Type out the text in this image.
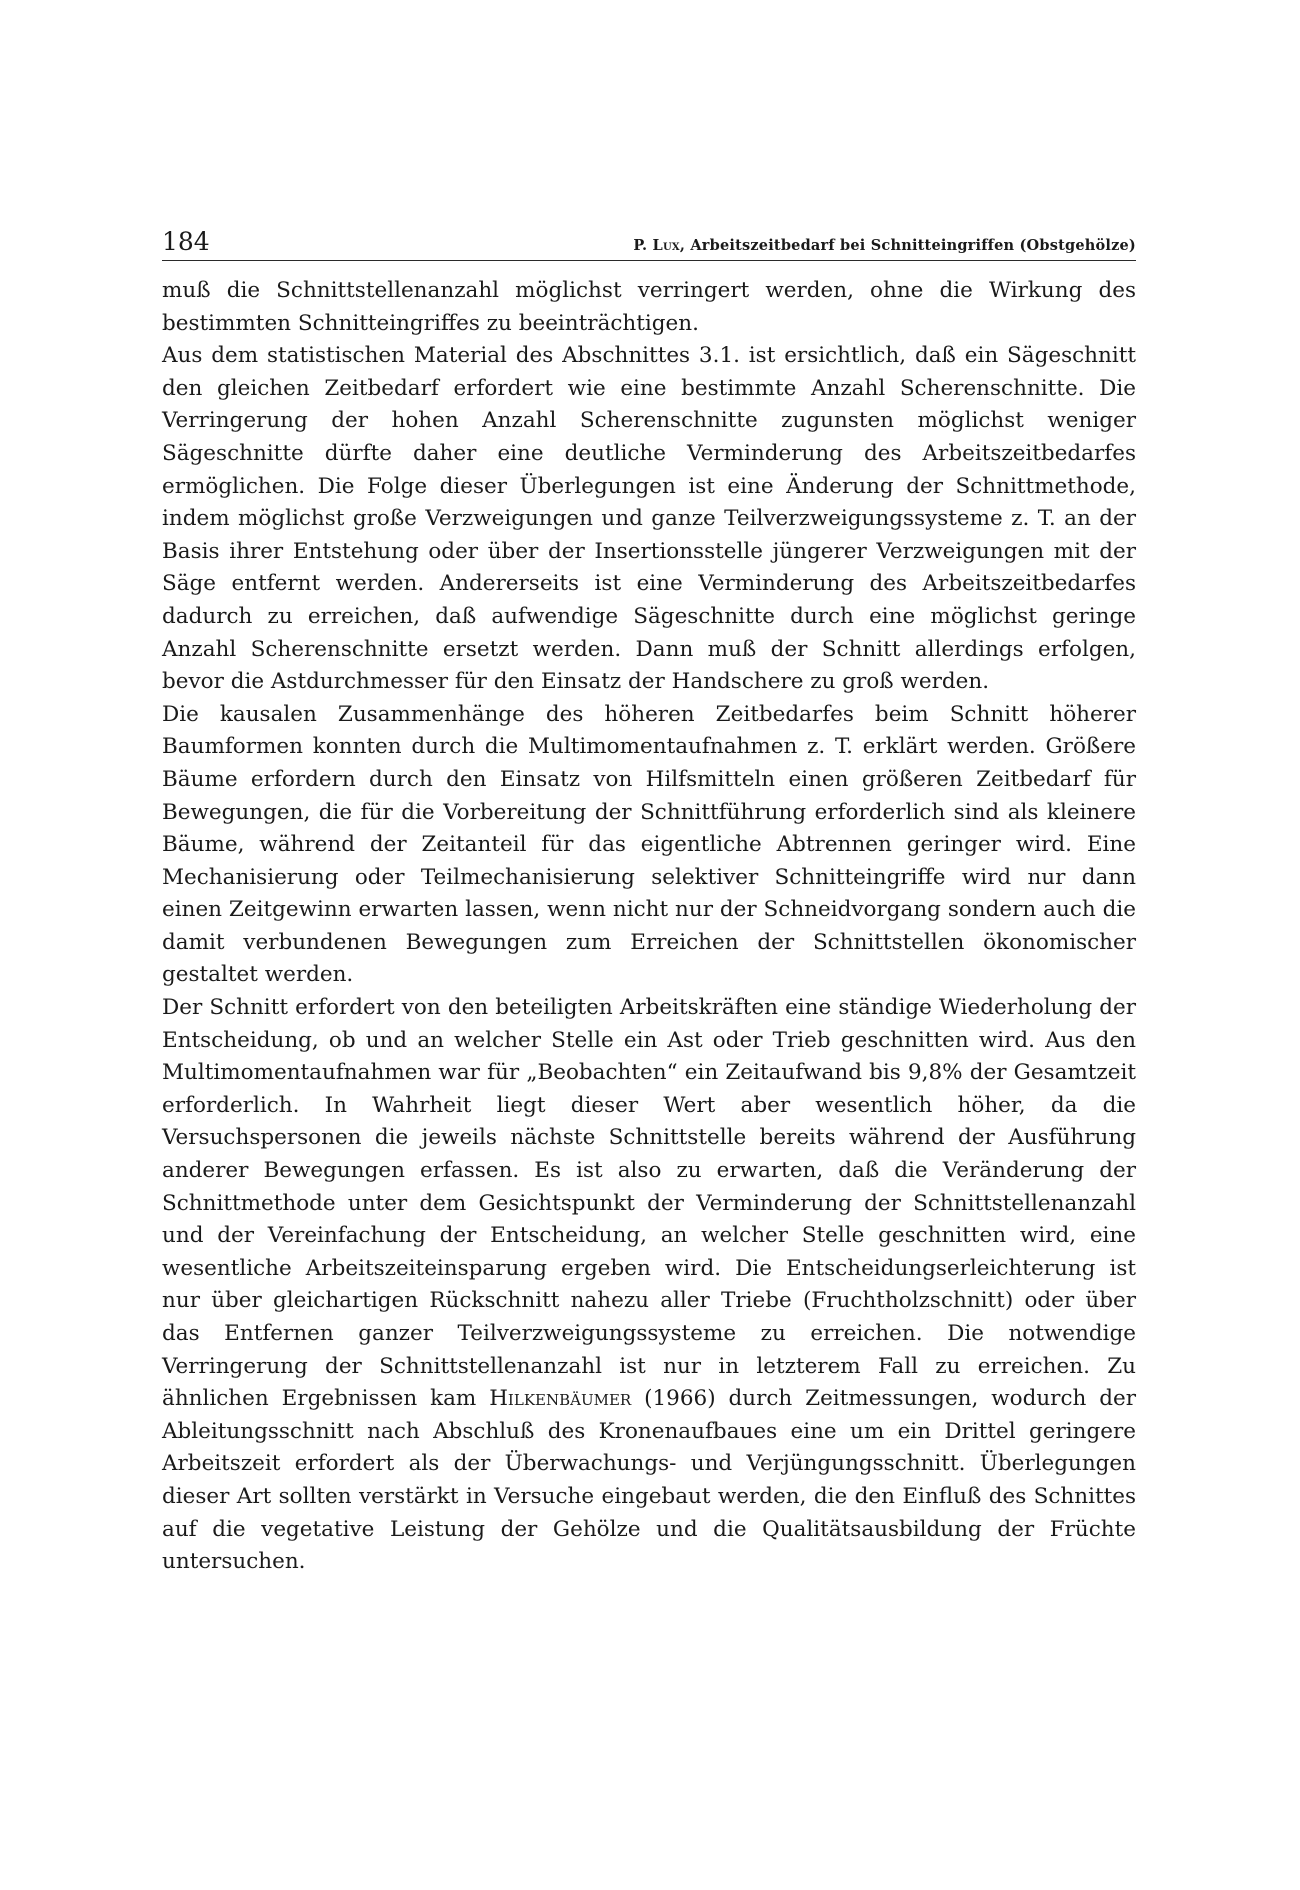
184	P. Lux, Arbeitszeitbedarf bei Schnitteingriffen (Obstgehölze)

muß die Schnittstellenanzahl möglichst verringert werden, ohne die Wirkung des bestimmten Schnitteingriffes zu beeinträchtigen.

Aus dem statistischen Material des Abschnittes 3.1. ist ersichtlich, daß ein Sägeschnitt den gleichen Zeitbedarf erfordert wie eine bestimmte Anzahl Scherenschnitte. Die Verringerung der hohen Anzahl Scherenschnitte zugunsten möglichst weniger Sägeschnitte dürfte daher eine deutliche Verminderung des Arbeitszeitbedarfes ermöglichen. Die Folge dieser Überlegungen ist eine Änderung der Schnittmethode, indem möglichst große Verzweigungen und ganze Teilverzweigungssysteme z. T. an der Basis ihrer Entstehung oder über der Insertionsstelle jüngerer Verzweigungen mit der Säge entfernt werden. Andererseits ist eine Verminderung des Arbeitszeitbedarfes dadurch zu erreichen, daß aufwendige Sägeschnitte durch eine möglichst geringe Anzahl Scherenschnitte ersetzt werden. Dann muß der Schnitt allerdings erfolgen, bevor die Astdurchmesser für den Einsatz der Handschere zu groß werden.

Die kausalen Zusammenhänge des höheren Zeitbedarfes beim Schnitt höherer Baumformen konnten durch die Multimomentaufnahmen z. T. erklärt werden. Größere Bäume erfordern durch den Einsatz von Hilfsmitteln einen größeren Zeitbedarf für Bewegungen, die für die Vorbereitung der Schnittführung erforderlich sind als kleinere Bäume, während der Zeitanteil für das eigentliche Abtrennen geringer wird. Eine Mechanisierung oder Teilmechanisierung selektiver Schnitteingriffe wird nur dann einen Zeitgewinn erwarten lassen, wenn nicht nur der Schneidvorgang sondern auch die damit verbundenen Bewegungen zum Erreichen der Schnittstellen ökonomischer gestaltet werden.

Der Schnitt erfordert von den beteiligten Arbeitskräften eine ständige Wiederholung der Entscheidung, ob und an welcher Stelle ein Ast oder Trieb geschnitten wird. Aus den Multimomentaufnahmen war für „Beobachten“ ein Zeitaufwand bis 9,8% der Gesamtzeit erforderlich. In Wahrheit liegt dieser Wert aber wesentlich höher, da die Versuchspersonen die jeweils nächste Schnittstelle bereits während der Ausführung anderer Bewegungen erfassen. Es ist also zu erwarten, daß die Veränderung der Schnittmethode unter dem Gesichtspunkt der Verminderung der Schnittstellenanzahl und der Vereinfachung der Entscheidung, an welcher Stelle geschnitten wird, eine wesentliche Arbeitszeiteinsparung ergeben wird. Die Entscheidungserleichterung ist nur über gleichartigen Rückschnitt nahezu aller Triebe (Fruchtholzschnitt) oder über das Entfernen ganzer Teilverzweigungssysteme zu erreichen. Die notwendige Verringerung der Schnittstellenanzahl ist nur in letzterem Fall zu erreichen. Zu ähnlichen Ergebnissen kam Hilkenbäumer (1966) durch Zeitmessungen, wodurch der Ableitungsschnitt nach Abschluß des Kronenaufbaues eine um ein Drittel geringere Arbeitszeit erfordert als der Überwachungs- und Verjüngungsschnitt. Überlegungen dieser Art sollten verstärkt in Versuche eingebaut werden, die den Einfluß des Schnittes auf die vegetative Leistung der Gehölze und die Qualitätsausbildung der Früchte untersuchen.
